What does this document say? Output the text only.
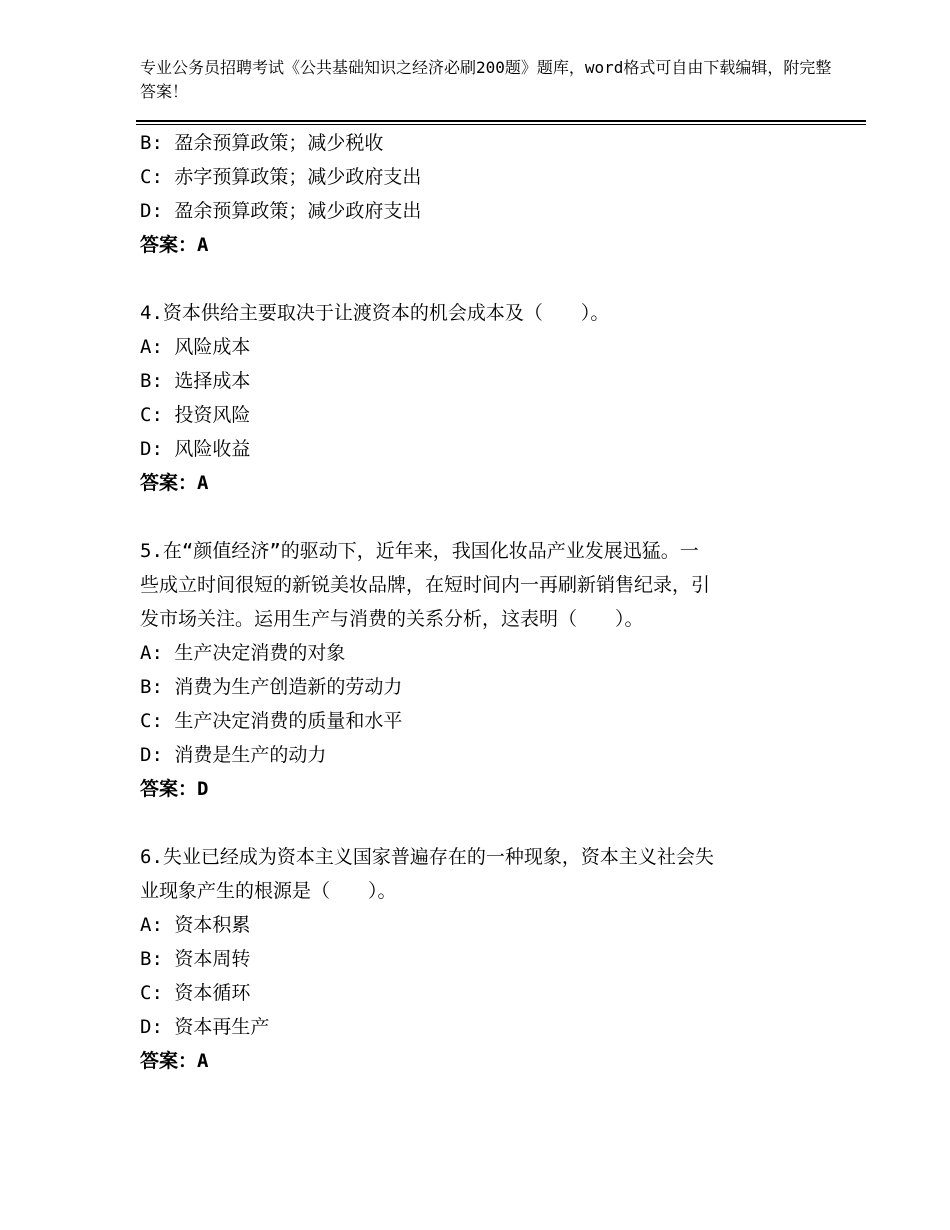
专业公务员招聘考试《公共基础知识之经济必刷200题》题库，word格式可自由下载编辑，附完整答案！
B: 盈余预算政策；减少税收
C: 赤字预算政策；减少政府支出
D: 盈余预算政策；减少政府支出
答案：A
4.资本供给主要取决于让渡资本的机会成本及（　　）。
A: 风险成本
B: 选择成本
C: 投资风险
D: 风险收益
答案：A
5.在“颜值经济”的驱动下，近年来，我国化妆品产业发展迅猛。一
些成立时间很短的新锐美妆品牌，在短时间内一再刷新销售纪录，引
发市场关注。运用生产与消费的关系分析，这表明（　　）。
A: 生产决定消费的对象
B: 消费为生产创造新的劳动力
C: 生产决定消费的质量和水平
D: 消费是生产的动力
答案：D
6.失业已经成为资本主义国家普遍存在的一种现象，资本主义社会失
业现象产生的根源是（　　）。
A: 资本积累
B: 资本周转
C: 资本循环
D: 资本再生产
答案：A
